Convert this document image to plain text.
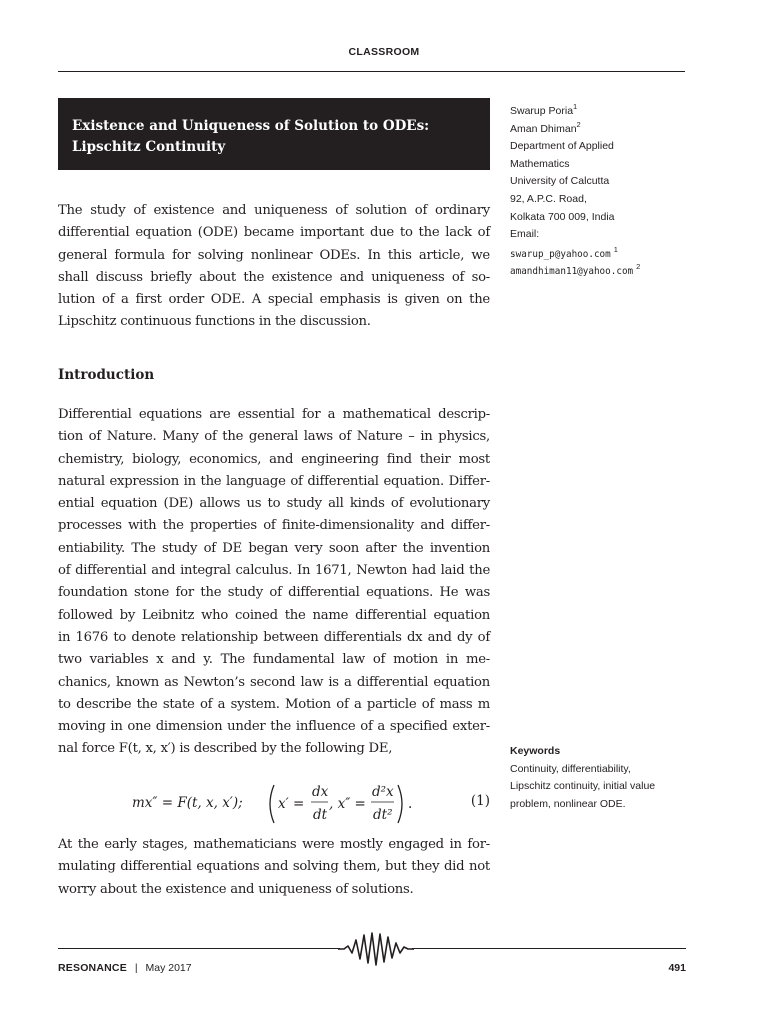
CLASSROOM
Existence and Uniqueness of Solution to ODEs:
Lipschitz Continuity
Swarup Poria$^1$
Aman Dhiman$^2$
Department of Applied
Mathematics
University of Calcutta
92, A.P.C. Road,
Kolkata 700 009, India
Email:
swarup_p@yahoo.com $^1$
amandhiman11@yahoo.com $^2$
The study of existence and uniqueness of solution of ordinary
differential equation (ODE) became important due to the lack of
general formula for solving nonlinear ODEs. In this article, we
shall discuss briefly about the existence and uniqueness of so-
lution of a first order ODE. A special emphasis is given on the
Lipschitz continuous functions in the discussion.
Introduction
Differential equations are essential for a mathematical descrip-
tion of Nature. Many of the general laws of Nature – in physics,
chemistry, biology, economics, and engineering find their most
natural expression in the language of differential equation. Differ-
ential equation (DE) allows us to study all kinds of evolutionary
processes with the properties of finite-dimensionality and differ-
entiability. The study of DE began very soon after the invention
of differential and integral calculus. In 1671, Newton had laid the
foundation stone for the study of differential equations. He was
followed by Leibnitz who coined the name differential equation
in 1676 to denote relationship between differentials dx and dy of
two variables x and y. The fundamental law of motion in me-
chanics, known as Newton’s second law is a differential equation
to describe the state of a system. Motion of a particle of mass m
moving in one dimension under the influence of a specified exter-
nal force F(t, x, x′) is described by the following DE,
mx″ = F(t, x, x′);	x′ =
dx
dt
, x″ =
d²x
dt²
.	(1)
At the early stages, mathematicians were mostly engaged in for-
mulating differential equations and solving them, but they did not
worry about the existence and uniqueness of solutions.
Keywords
Continuity, differentiability,
Lipschitz continuity, initial value
problem, nonlinear ODE.
RESONANCE | May 2017	491
